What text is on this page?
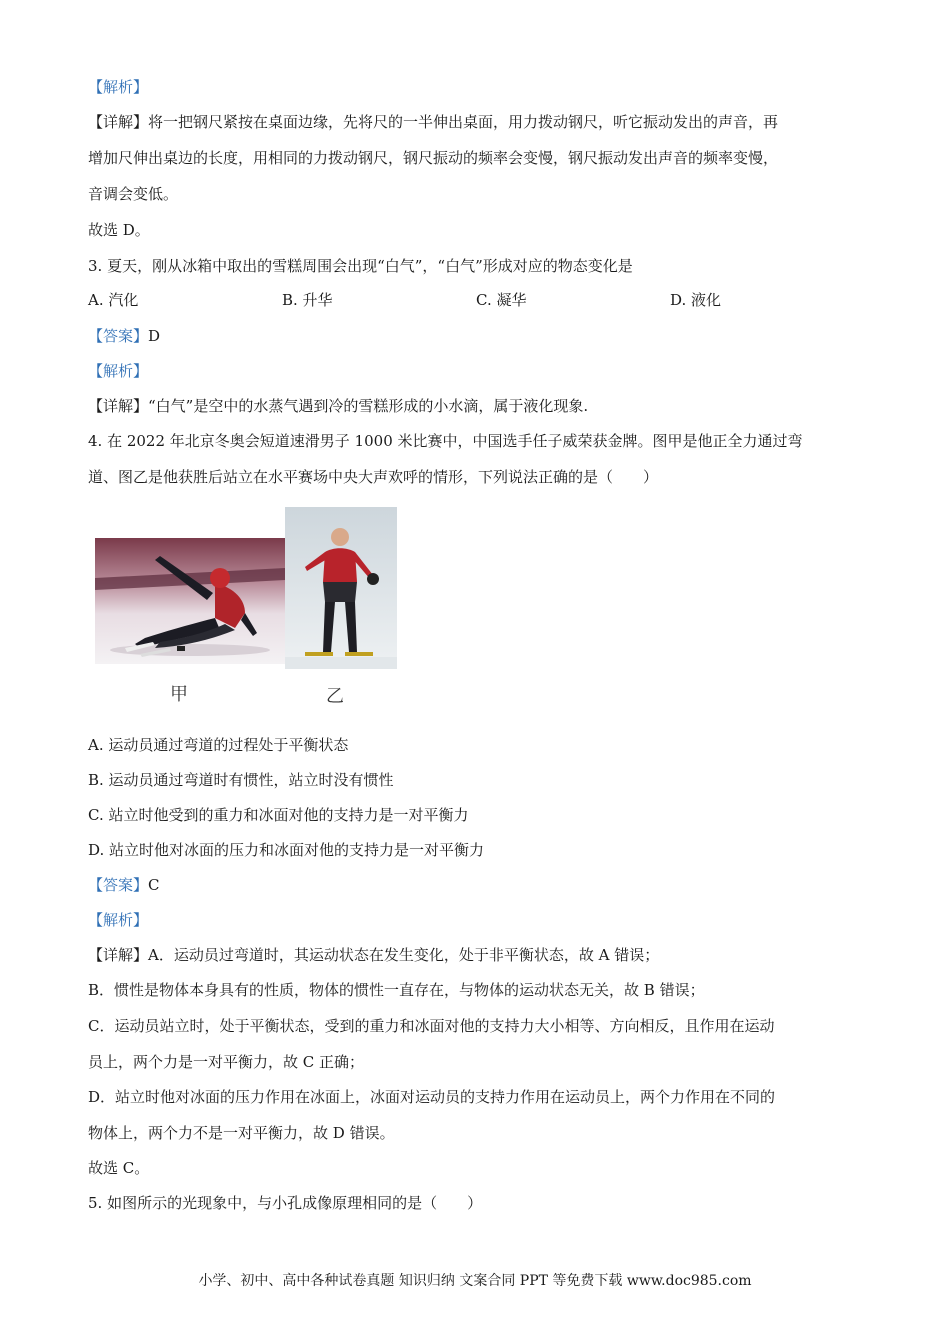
【解析】
【详解】将一把钢尺紧按在桌面边缘，先将尺的一半伸出桌面，用力拨动钢尺，听它振动发出的声音，再
增加尺伸出桌边的长度，用相同的力拨动钢尺，钢尺振动的频率会变慢，钢尺振动发出声音的频率变慢，
音调会变低。
故选 D。
3. 夏天，刚从冰箱中取出的雪糕周围会出现“白气”，“白气”形成对应的物态变化是
A. 汽化	B. 升华	C. 凝华	D. 液化
【答案】D
【解析】
【详解】“白气”是空中的水蒸气遇到冷的雪糕形成的小水滴，属于液化现象.
4. 在 2022 年北京冬奥会短道速滑男子 1000 米比赛中，中国选手任子威荣获金牌。图甲是他正全力通过弯
道、图乙是他获胜后站立在水平赛场中央大声欢呼的情形，下列说法正确的是（　　）
甲	乙
A. 运动员通过弯道的过程处于平衡状态
B. 运动员通过弯道时有惯性，站立时没有惯性
C. 站立时他受到的重力和冰面对他的支持力是一对平衡力
D. 站立时他对冰面的压力和冰面对他的支持力是一对平衡力
【答案】C
【解析】
【详解】A．运动员过弯道时，其运动状态在发生变化，处于非平衡状态，故 A 错误；
B．惯性是物体本身具有的性质，物体的惯性一直存在，与物体的运动状态无关，故 B 错误；
C．运动员站立时，处于平衡状态，受到的重力和冰面对他的支持力大小相等、方向相反，且作用在运动
员上，两个力是一对平衡力，故 C 正确；
D．站立时他对冰面的压力作用在冰面上，冰面对运动员的支持力作用在运动员上，两个力作用在不同的
物体上，两个力不是一对平衡力，故 D 错误。
故选 C。
5. 如图所示的光现象中，与小孔成像原理相同的是（　　）
小学、初中、高中各种试卷真题 知识归纳 文案合同 PPT 等免费下载 www.doc985.com
